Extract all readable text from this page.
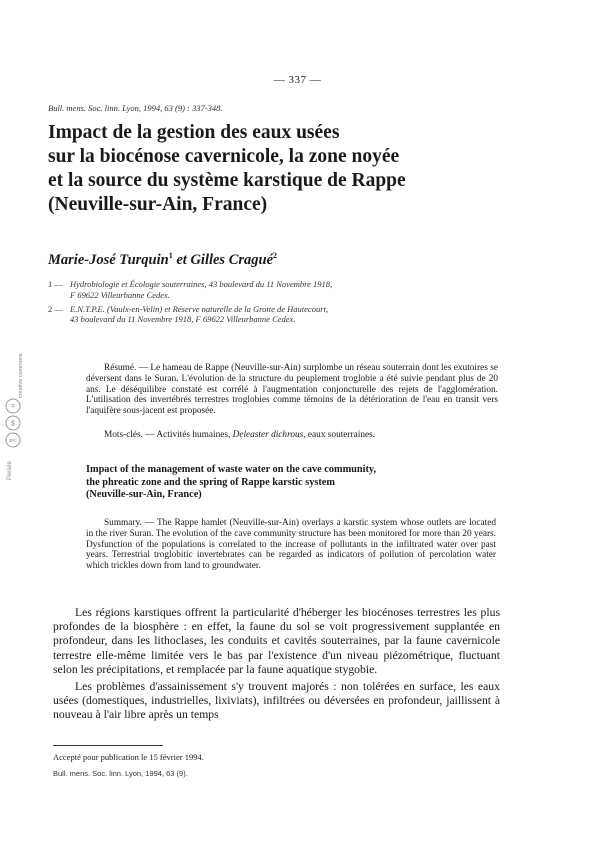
— 337 —
Bull. mens. Soc. linn. Lyon, 1994, 63 (9) : 337-348.
Impact de la gestion des eaux usées
sur la biocénose cavernicole, la zone noyée
et la source du système karstique de Rappe
(Neuville-sur-Ain, France)
Marie-José Turquin$^1$ et Gilles Cragué$^2$
1 — Hydrobiologie et Écologie souterraines, 43 boulevard du 11 Novembre 1918,
F 69622 Villeurbanne Cedex.
2 — E.N.T.P.E. (Vaulx-en-Velin) et Réserve naturelle de la Grotte de Hautecourt,
43 boulevard du 11 Novembre 1918, F 69622 Villeurbanne Cedex.
Persée
BY:
$
=
creative commons	Résumé. — Le hameau de Rappe (Neuville-sur-Ain) surplombe un réseau souterrain dont les exutoires se déversent dans le Suran. L'évolution de la structure du peuplement troglobie a été suivie pendant plus de 20 ans. Le déséquilibre constaté est corrélé à l'augmentation conjoncturelle des rejets de l'agglomération. L'utilisation des invertébrés terrestres troglobies comme témoins de la détérioration de l'eau en transit vers l'aquifère sous-jacent est proposée.

Mots-clés. — Activités humaines, Deleaster dichrous, eaux souterraines.
Impact of the management of waste water on the cave community,
the phreatic zone and the spring of Rappe karstic system
(Neuville-sur-Ain, France)

Summary. — The Rappe hamlet (Neuville-sur-Ain) overlays a karstic system whose outlets are located in the river Suran. The evolution of the cave community structure has been monitored for more than 20 years. Dysfunction of the populations is correlated to the increase of pollutants in the infiltrated water over past years. Terrestrial troglobitic invertebrates can be regarded as indicators of pollution of percolation water which trickles down from land to groundwater.

Les régions karstiques offrent la particularité d'héberger les biocénoses terrestres les plus profondes de la biosphère : en effet, la faune du sol se voit progressivement supplantée en profondeur, dans les lithoclases, les conduits et cavités souterraines, par la faune cavernicole terrestre elle-même limitée vers le bas par l'existence d'un niveau piézométrique, fluctuant selon les précipitations, et remplacée par la faune aquatique stygobie.

Les problèmes d'assainissement s'y trouvent majorés : non tolérées en surface, les eaux usées (domestiques, industrielles, lixiviats), infiltrées ou déversées en profondeur, jaillissent à nouveau à l'air libre après un temps

Accepté pour publication le 15 février 1994.
Bull. mens. Soc. linn. Lyon, 1994, 63 (9).
